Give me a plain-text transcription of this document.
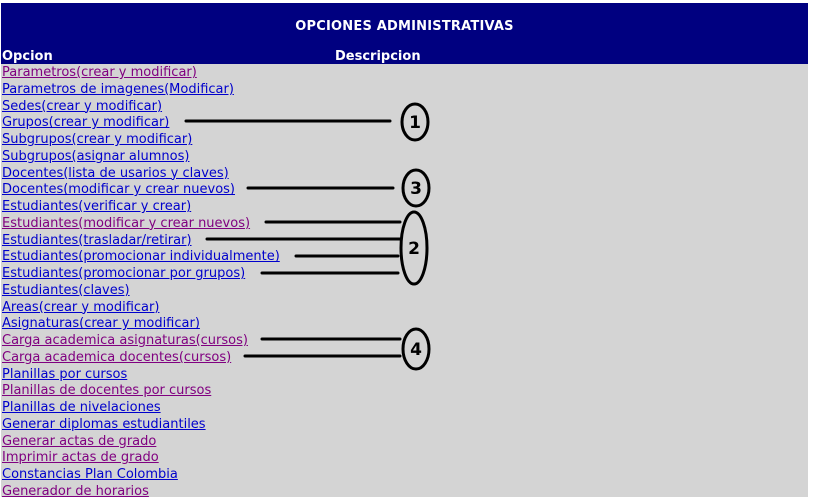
OPCIONES ADMINISTRATIVAS
Opcion	Descripcion
Parametros(crear y modificar)
Parametros de imagenes(Modificar)
Sedes(crear y modificar)
Grupos(crear y modificar)
Subgrupos(crear y modificar)
Subgrupos(asignar alumnos)
Docentes(lista de usarios y claves)
Docentes(modificar y crear nuevos)
Estudiantes(verificar y crear)
Estudiantes(modificar y crear nuevos)
Estudiantes(trasladar/retirar)
Estudiantes(promocionar individualmente)
Estudiantes(promocionar por grupos)
Estudiantes(claves)
Areas(crear y modificar)
Asignaturas(crear y modificar)
Carga academica asignaturas(cursos)
Carga academica docentes(cursos)
Planillas por cursos
Planillas de docentes por cursos
Planillas de nivelaciones
Generar diplomas estudiantiles
Generar actas de grado
Imprimir actas de grado
Constancias Plan Colombia
Generador de horarios
1
3
2
4
